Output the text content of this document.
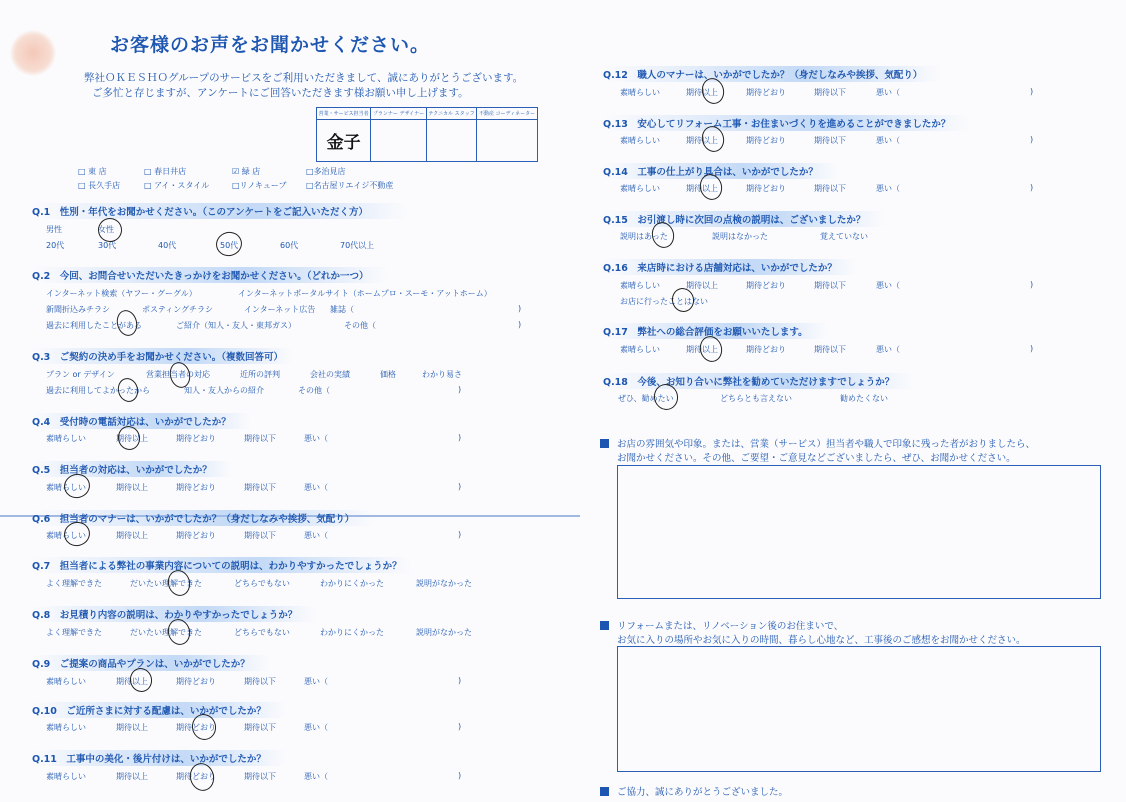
お客様のお声をお聞かせください。
弊社ＯＫＥＳＨＯグループのサービスをご利用いただきまして、誠にありがとうございます。
ご多忙と存じますが、アンケートにご回答いただきます様お願い申し上げます。
営業・サービス担当者	プランナー デザイナー	テクニカル スタッフ	不動産 コーディネーター
金子			
□ 東 店	□ 春日井店	☑ 緑 店	□多治見店
□ 長久手店	□ アイ・スタイル	□リノキューブ □名古屋リエイジ不動産
Q.1　性別・年代をお聞かせください。（このアンケートをご記入いただく方）
男性	女性
20代	30代	40代	50代	60代	70代以上
Q.2　今回、お問合せいただいたきっかけをお聞かせください。（どれか一つ）
インターネット検索（ヤフー・グーグル）	インターネットポータルサイト（ホームプロ・スーモ・アットホーム）
新聞折込みチラシ	ポスティングチラシ	インターネット広告 雑誌（	)
過去に利用したことがある	ご紹介（知人・友人・東邦ガス）	その他（	)
Q.3　ご契約の決め手をお聞かせください。（複数回答可）
プラン or デザイン	営業担当者の対応	近所の評判	会社の実績	価格	わかり易さ
過去に利用してよかったから	知人・友人からの紹介	その他（	)
Q.4　受付時の電話対応は、いかがでしたか？
素晴らしい	期待以上	期待どおり	期待以下	悪い（	)
Q.5　担当者の対応は、いかがでしたか？
素晴らしい	期待以上	期待どおり	期待以下	悪い（	)
Q.6　担当者のマナーは、いかがでしたか？（身だしなみや挨拶、気配り）
素晴らしい	期待以上	期待どおり	期待以下	悪い（	)
Q.7　担当者による弊社の事業内容についての説明は、わかりやすかったでしょうか？
よく理解できた	だいたい理解できた	どちらでもない	わかりにくかった	説明がなかった
Q.8　お見積り内容の説明は、わかりやすかったでしょうか？
よく理解できた	だいたい理解できた	どちらでもない	わかりにくかった	説明がなかった
Q.9　ご提案の商品やプランは、いかがでしたか？
素晴らしい	期待以上	期待どおり	期待以下	悪い（	)
Q.10　ご近所さまに対する配慮は、いかがでしたか？
素晴らしい	期待以上	期待どおり	期待以下	悪い（	)
Q.11　工事中の美化・後片付けは、いかがでしたか？
素晴らしい	期待以上	期待どおり	期待以下	悪い（	)
Q.12　職人のマナーは、いかがでしたか？（身だしなみや挨拶、気配り）
素晴らしい	期待以上	期待どおり	期待以下	悪い（	)
Q.13　安心してリフォーム工事・お住まいづくりを進めることができましたか？
素晴らしい	期待以上	期待どおり	期待以下	悪い（	)
Q.14　工事の仕上がり具合は、いかがでしたか？
素晴らしい	期待以上	期待どおり	期待以下	悪い（	)
Q.15　お引渡し時に次回の点検の説明は、ございましたか？
説明はあった	説明はなかった	覚えていない
Q.16　来店時における店舗対応は、いかがでしたか？
素晴らしい	期待以上	期待どおり	期待以下	悪い（	)
お店に行ったことはない
Q.17　弊社への総合評価をお願いいたします。
素晴らしい	期待以上	期待どおり	期待以下	悪い（	)
Q.18　今後、お知り合いに弊社を勧めていただけますでしょうか？
ぜひ、勧めたい	どちらとも言えない	勧めたくない
お店の雰囲気や印象。または、営業（サービス）担当者や職人で印象に残った者がおりましたら、
お聞かせください。その他、ご要望・ご意見などございましたら、ぜひ、お聞かせください。
リフォームまたは、リノベーション後のお住まいで、
お気に入りの場所やお気に入りの時間、暮らし心地など、工事後のご感想をお聞かせください。
ご協力、誠にありがとうございました。
